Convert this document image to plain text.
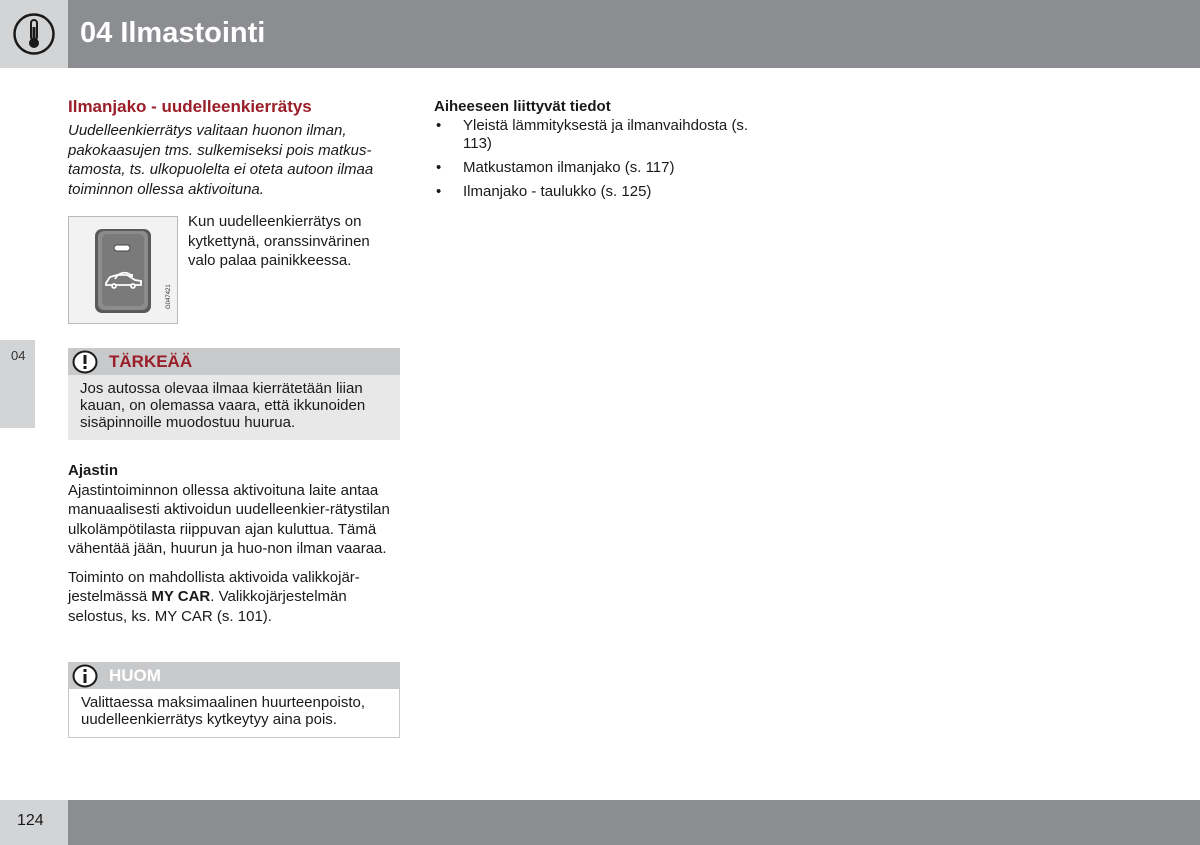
04 Ilmastointi
04
Ilmanjako - uudelleenkierrätys

Uudelleenkierrätys valitaan huonon ilman, pakokaasujen tms. sulkemiseksi pois matkus-tamosta, ts. ulkopuolelta ei oteta autoon ilmaa toiminnon ollessa aktivoituna.

G047421
Kun uudelleenkierrätys on kytkettynä, oranssinvärinen valo palaa painikkeessa.
TÄRKEÄÄ
Jos autossa olevaa ilmaa kierrätetään liian kauan, on olemassa vaara, että ikkunoiden sisäpinnoille muodostuu huurua.
Ajastin

Ajastintoiminnon ollessa aktivoituna laite antaa manuaalisesti aktivoidun uudelleenkier-rätystilan ulkolämpötilasta riippuvan ajan kuluttua. Tämä vähentää jään, huurun ja huo-non ilman vaaraa.

Toiminto on mahdollista aktivoida valikkojär-jestelmässä MY CAR. Valikkojärjestelmän selostus, ks. MY CAR (s. 101).

HUOM
Valittaessa maksimaalinen huurteenpoisto, uudelleenkierrätys kytkeytyy aina pois.
Aiheeseen liittyvät tiedot
• Yleistä lämmityksestä ja ilmanvaihdosta (s. 113)
• Matkustamon ilmanjako (s. 117)
• Ilmanjako - taulukko (s. 125)
124
